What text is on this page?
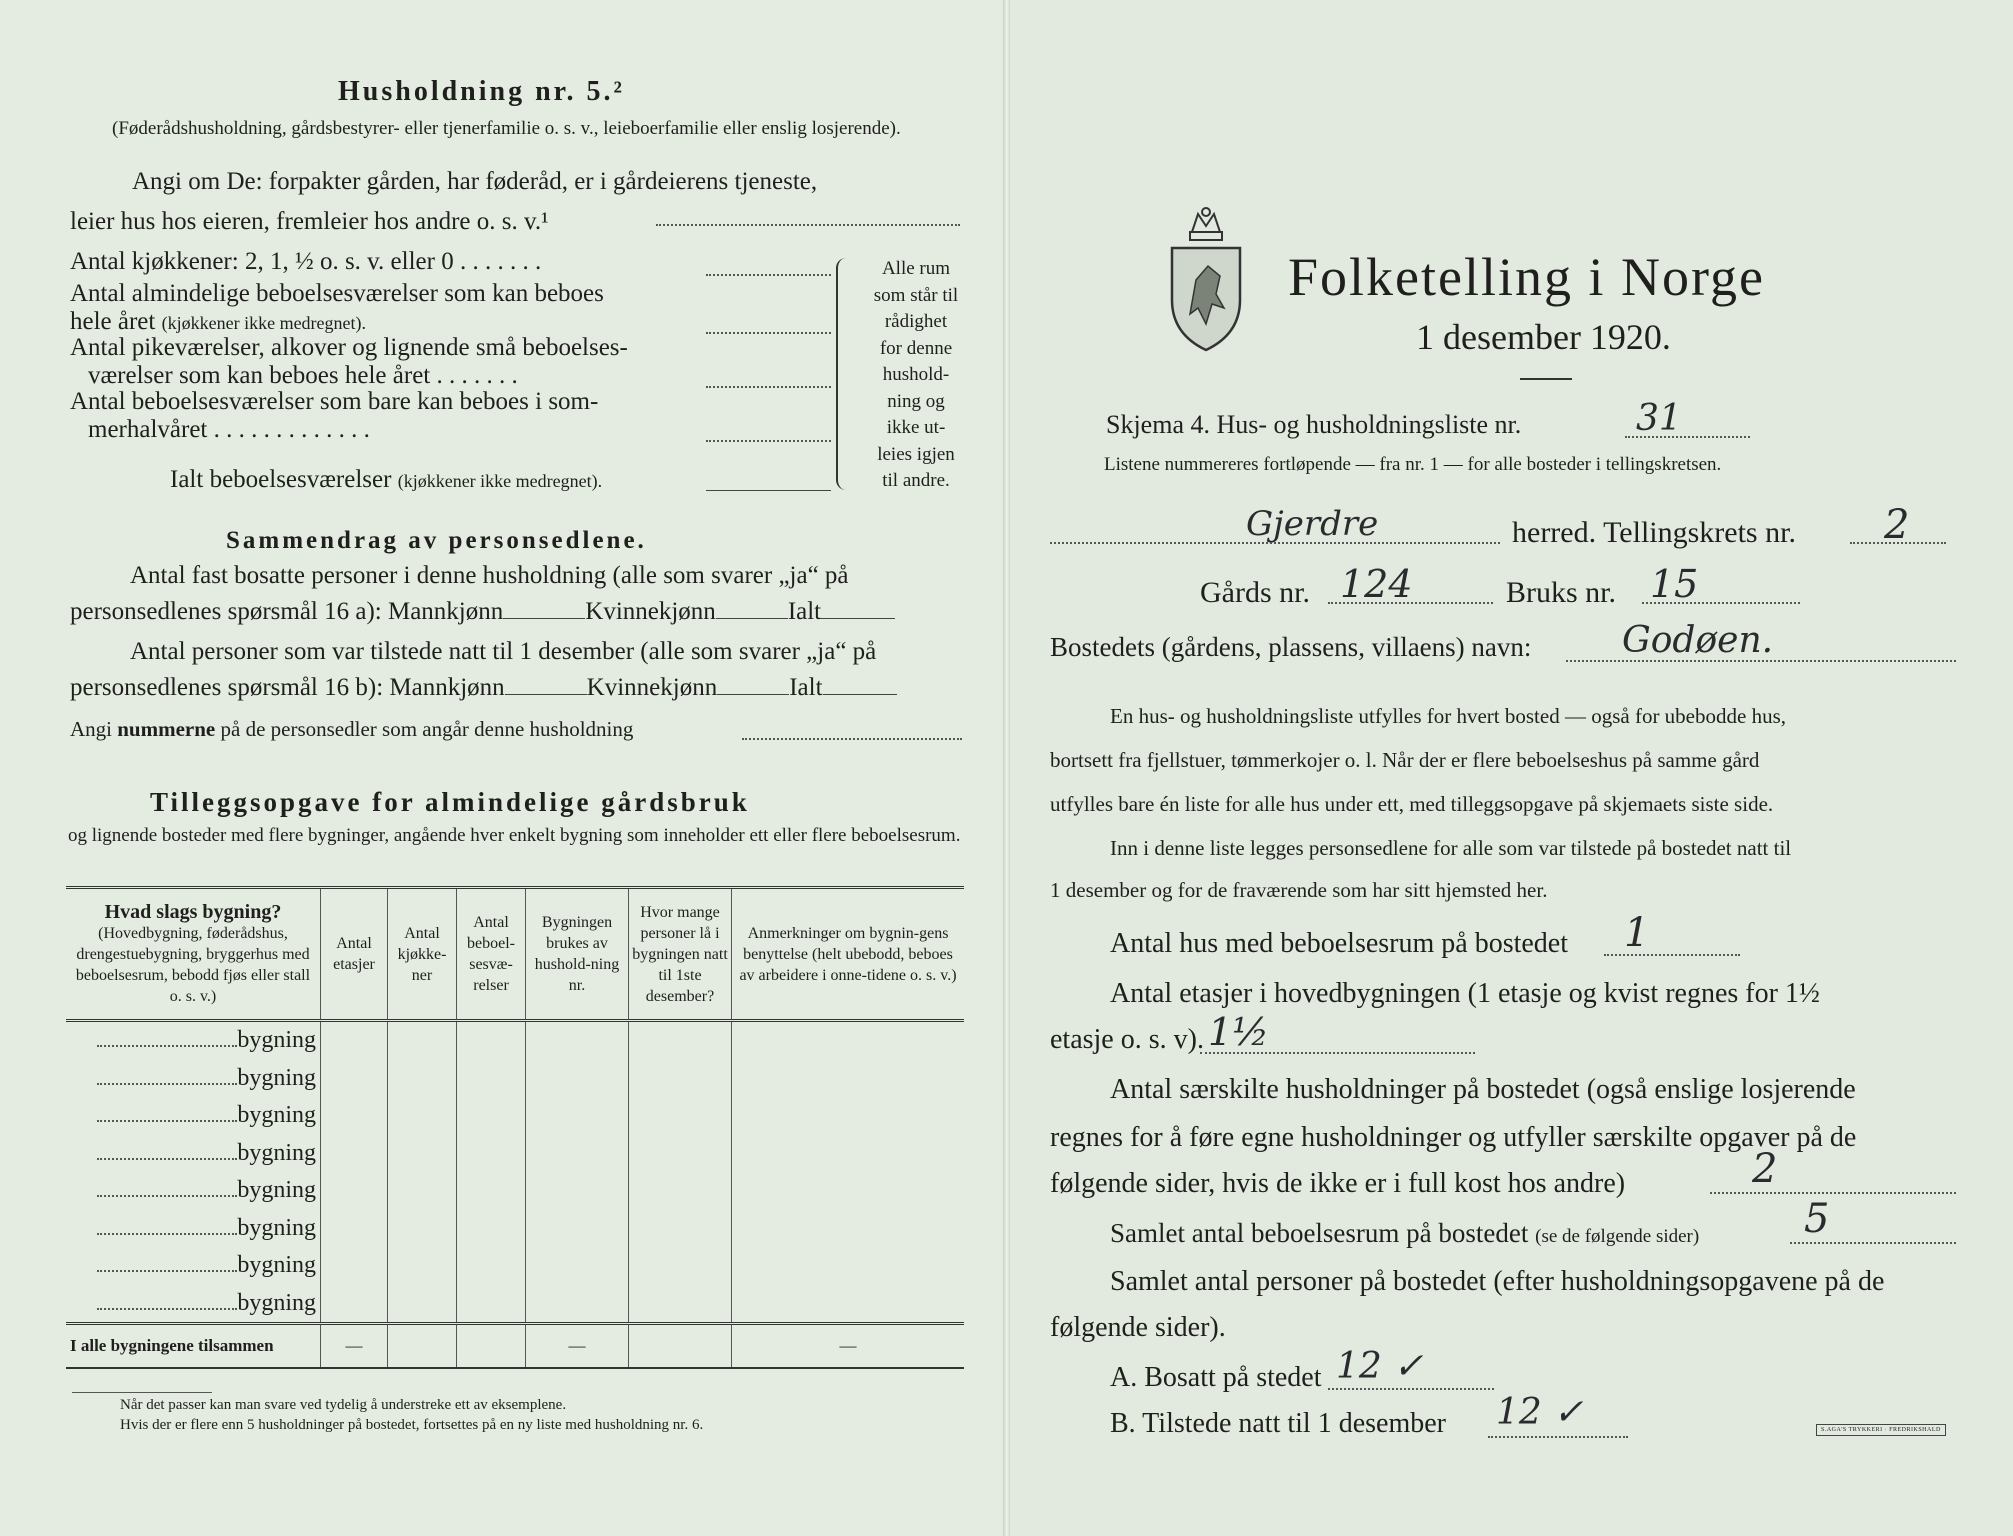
Husholdning nr. 5.²
(Føderådshusholdning, gårdsbestyrer- eller tjenerfamilie o. s. v., leieboerfamilie eller enslig losjerende).
Angi om De: forpakter gården, har føderåd, er i gårdeierens tjeneste,
leier hus hos eieren, fremleier hos andre o. s. v.¹
Antal kjøkkener: 2, 1, ½ o. s. v. eller 0 . . . . . . .
Antal almindelige beboelsesværelser som kan beboes
hele året (kjøkkener ikke medregnet).
Antal pikeværelser, alkover og lignende små beboelses-
værelser som kan beboes hele året . . . . . . .
Antal beboelsesværelser som bare kan beboes i som-
merhalvåret . . . . . . . . . . . . .
Ialt beboelsesværelser (kjøkkener ikke medregnet).
Alle rum
som står til
rådighet
for denne
hushold-
ning og
ikke ut-
leies igjen
til andre.
Sammendrag av personsedlene.
Antal fast bosatte personer i denne husholdning (alle som svarer „ja“ på
personsedlenes spørsmål 16 a): Mannkjønn	Kvinnekjønn	Ialt
Antal personer som var tilstede natt til 1 desember (alle som svarer „ja“ på
personsedlenes spørsmål 16 b): Mannkjønn	Kvinnekjønn	Ialt
Angi nummerne på de personsedler som angår denne husholdning
Tilleggsopgave for almindelige gårdsbruk
og lignende bosteder med flere bygninger, angående hver enkelt bygning som inneholder ett eller flere beboelsesrum.
Hvad slags bygning?
(Hovedbygning, føderådshus, drengestuebygning, bryggerhus med beboelsesrum, bebodd fjøs eller stall o. s. v.)	Antal etasjer	Antal kjøkke-ner	Antal beboel-sesvæ-relser	Bygningen brukes av hushold-ning nr.	Hvor mange personer lå i bygningen natt til 1ste desember?	Anmerkninger om bygnin-gens benyttelse (helt ubebodd, beboes av arbeidere i onne-tidene o. s. v.)
bygning						
bygning						
bygning						
bygning						
bygning						
bygning						
bygning						
bygning						
I alle bygningene tilsammen	—			—		—
Når det passer kan man svare ved tydelig å understreke ett av eksemplene.
Hvis der er flere enn 5 husholdninger på bostedet, fortsettes på en ny liste med husholdning nr. 6.
Folketelling i Norge
1 desember 1920.
Skjema 4. Hus- og husholdningsliste nr.	31
Listene nummereres fortløpende — fra nr. 1 — for alle bosteder i tellingskretsen.
Gjerdre	herred. Tellingskrets nr. 2
Gårds nr. 124	Bruks nr. 15
Bostedets (gårdens, plassens, villaens) navn:	Godøen.
En hus- og husholdningsliste utfylles for hvert bosted — også for ubebodde hus,
bortsett fra fjellstuer, tømmerkojer o. l. Når der er flere beboelseshus på samme gård
utfylles bare én liste for alle hus under ett, med tilleggsopgave på skjemaets siste side.
Inn i denne liste legges personsedlene for alle som var tilstede på bostedet natt til
1 desember og for de fraværende som har sitt hjemsted her.
Antal hus med beboelsesrum på bostedet 1
Antal etasjer i hovedbygningen (1 etasje og kvist regnes for 1½
etasje o. s. v). 1½
Antal særskilte husholdninger på bostedet (også enslige losjerende
regnes for å føre egne husholdninger og utfyller særskilte opgaver på de
følgende sider, hvis de ikke er i full kost hos andre)	2
Samlet antal beboelsesrum på bostedet (se de følgende sider)	5
Samlet antal personer på bostedet (efter husholdningsopgavene på de
følgende sider).
A. Bosatt på stedet 12 ✓
B. Tilstede natt til 1 desember 12 ✓	S.AGA'S TRYKKERI · FREDRIKSHALD
